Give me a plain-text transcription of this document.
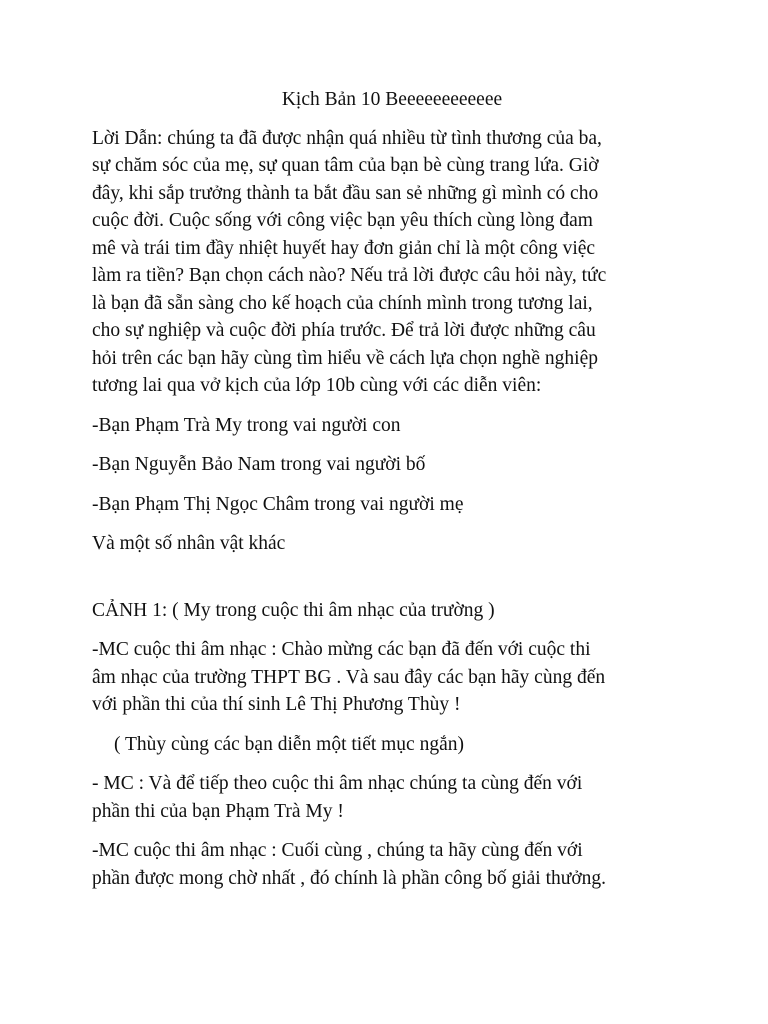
Kịch Bản 10 Beeeeeeeeeeee
Lời Dẫn: chúng ta đã được nhận quá nhiều từ tình thương của ba,
sự chăm sóc của mẹ, sự quan tâm của bạn bè cùng trang lứa. Giờ
đây, khi sắp trưởng thành ta bắt đầu san sẻ những gì mình có cho
cuộc đời. Cuộc sống với công việc bạn yêu thích cùng lòng đam
mê và trái tim đầy nhiệt huyết hay đơn giản chỉ là một công việc
làm ra tiền? Bạn chọn cách nào? Nếu trả lời được câu hỏi này, tức
là bạn đã sẵn sàng cho kế hoạch của chính mình trong tương lai,
cho sự nghiệp và cuộc đời phía trước. Để trả lời được những câu
hỏi trên các bạn hãy cùng tìm hiểu về cách lựa chọn nghề nghiệp
tương lai qua vở kịch của lớp 10b cùng với các diễn viên:
-Bạn Phạm Trà My trong vai người con
-Bạn Nguyễn Bảo Nam trong vai người bố
-Bạn Phạm Thị Ngọc Châm trong vai người mẹ
Và một số nhân vật khác
CẢNH 1: ( My trong cuộc thi âm nhạc của trường )
-MC cuộc thi âm nhạc : Chào mừng các bạn đã đến với cuộc thi
âm nhạc của trường THPT BG . Và sau đây các bạn hãy cùng đến
với phần thi của thí sinh Lê Thị Phương Thùy !
( Thùy cùng các bạn diễn một tiết mục ngắn)
- MC : Và để tiếp theo cuộc thi âm nhạc chúng ta cùng đến với
phần thi của bạn Phạm Trà My !
-MC cuộc thi âm nhạc : Cuối cùng , chúng ta hãy cùng đến với
phần được mong chờ nhất , đó chính là phần công bố giải thưởng.
